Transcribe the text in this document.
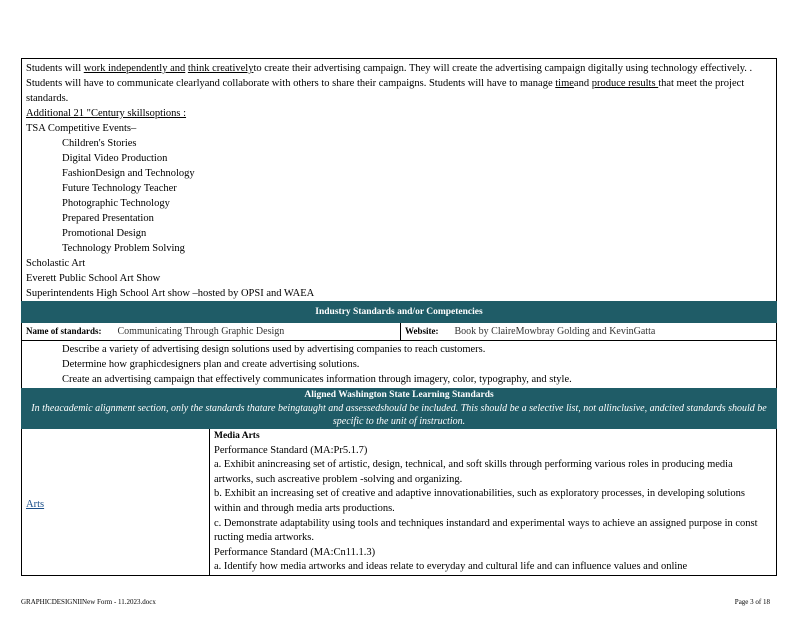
Students will work independently and think creativelyto create their advertising campaign. They will create the advertising campaign digitally using technology effectively. . Students will have to communicate clearlyand collaborate with others to share their campaigns. Students will have to manage timeand produce results that meet the project standards.

Additional 21 "Century skillsoptions :

TSA Competitive Events–

Children's Stories
Digital Video Production
FashionDesign and Technology
Future Technology Teacher
Photographic Technology
Prepared Presentation
Promotional Design
Technology Problem Solving

Scholastic Art

Everett Public School Art Show

Superintendents High School Art show –hosted by OPSI and WAEA

Industry Standards and/or Competencies
Name of standards: Communicating Through Graphic Design	Website: Book by ClaireMowbray Golding and KevinGatta
Describe a variety of advertising design solutions used by advertising companies to reach customers.
Determine how graphicdesigners plan and create advertising solutions.
Create an advertising campaign that effectively communicates information through imagery, color, typography, and style.
Aligned Washington State Learning Standards
In theacademic alignment section, only the standards thatare beingtaught and assessedshould be included. This should be a selective list, not allinclusive, andcited standards should be specific to the unit of instruction.
Arts

Media Arts

Performance Standard (MA:Pr5.1.7)

a. Exhibit anincreasing set of artistic, design, technical, and soft skills through performing various roles in producing media artworks, such ascreative problem -solving and organizing.

b. Exhibit an increasing set of creative and adaptive innovationabilities, such as exploratory processes, in developing solutions within and through media arts productions.

c. Demonstrate adaptability using tools and techniques instandard and experimental ways to achieve an assigned purpose in const ructing media artworks.

Performance Standard (MA:Cn11.1.3)

a. Identify how media artworks and ideas relate to everyday and cultural life and can influence values and online

GRAPHICDESIGNIINew Form - 11.2023.docx	Page 3 of 18
